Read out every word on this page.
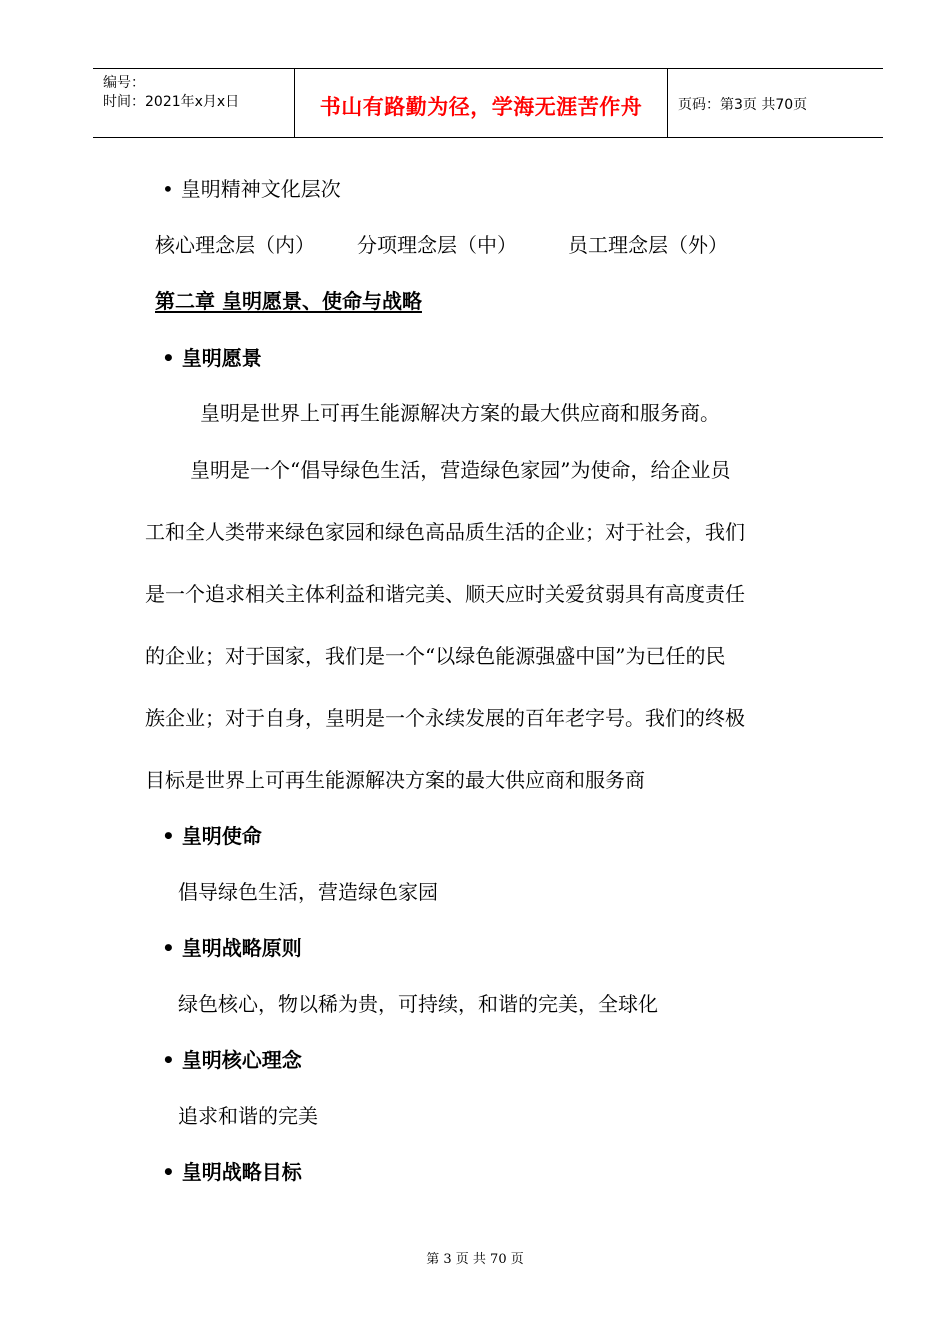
编号：
时间：2021年x月x日	书山有路勤为径，学海无涯苦作舟	页码：第3页 共70页
• 皇明精神文化层次
核心理念层（内） 分项理念层（中）	员工理念层（外）
第二章 皇明愿景、使命与战略
• 皇明愿景
皇明是世界上可再生能源解决方案的最大供应商和服务商。
皇明是一个“倡导绿色生活，营造绿色家园”为使命，给企业员
工和全人类带来绿色家园和绿色高品质生活的企业；对于社会，我们
是一个追求相关主体利益和谐完美、顺天应时关爱贫弱具有高度责任
的企业；对于国家，我们是一个“以绿色能源强盛中国”为已任的民
族企业；对于自身，皇明是一个永续发展的百年老字号。我们的终极
目标是世界上可再生能源解决方案的最大供应商和服务商
• 皇明使命
倡导绿色生活，营造绿色家园
• 皇明战略原则
绿色核心，物以稀为贵，可持续，和谐的完美，全球化
• 皇明核心理念
追求和谐的完美
• 皇明战略目标
第 3 页 共 70 页
